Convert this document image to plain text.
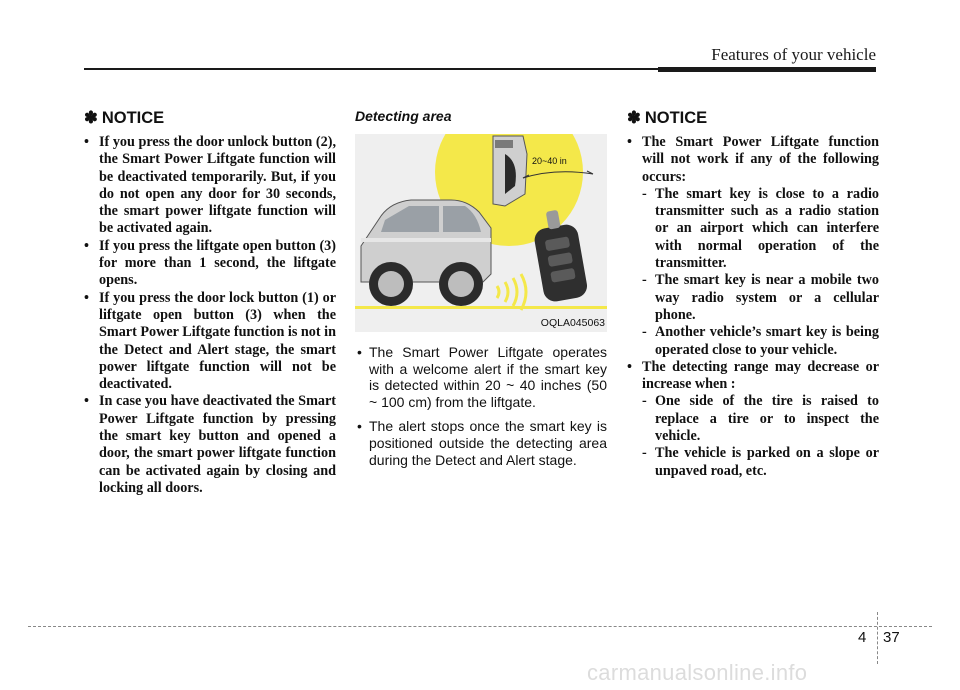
Features of your vehicle
✽ NOTICE
• If you press the door unlock button (2), the Smart Power Liftgate function will be deactivated temporarily. But, if you do not open any door for 30 seconds, the smart power liftgate function will be activated again.
• If you press the liftgate open button (3) for more than 1 second, the liftgate opens.
• If you press the door lock button (1) or liftgate open button (3) when the Smart Power Liftgate function is not in the Detect and Alert stage, the smart power liftgate function will not be deactivated.
• In case you have deactivated the Smart Power Liftgate function by pressing the smart key button and opened a door, the smart power liftgate function can be activated again by closing and locking all doors.
Detecting area
20~40 in
OQLA045063
• The Smart Power Liftgate operates with a welcome alert if the smart key is detected within 20 ~ 40 inches (50 ~ 100 cm) from the liftgate.
• The alert stops once the smart key is positioned outside the detecting area during the Detect and Alert stage.
✽ NOTICE
• The Smart Power Liftgate function will not work if any of the following occurs:
- The smart key is close to a radio transmitter such as a radio station or an airport which can interfere with normal operation of the transmitter.
- The smart key is near a mobile two way radio system or a cellular phone.
- Another vehicle’s smart key is being operated close to your vehicle.
• The detecting range may decrease or increase when :
- One side of the tire is raised to replace a tire or to inspect the vehicle.
- The vehicle is parked on a slope or unpaved road, etc.
4 37
carmanualsonline.info
